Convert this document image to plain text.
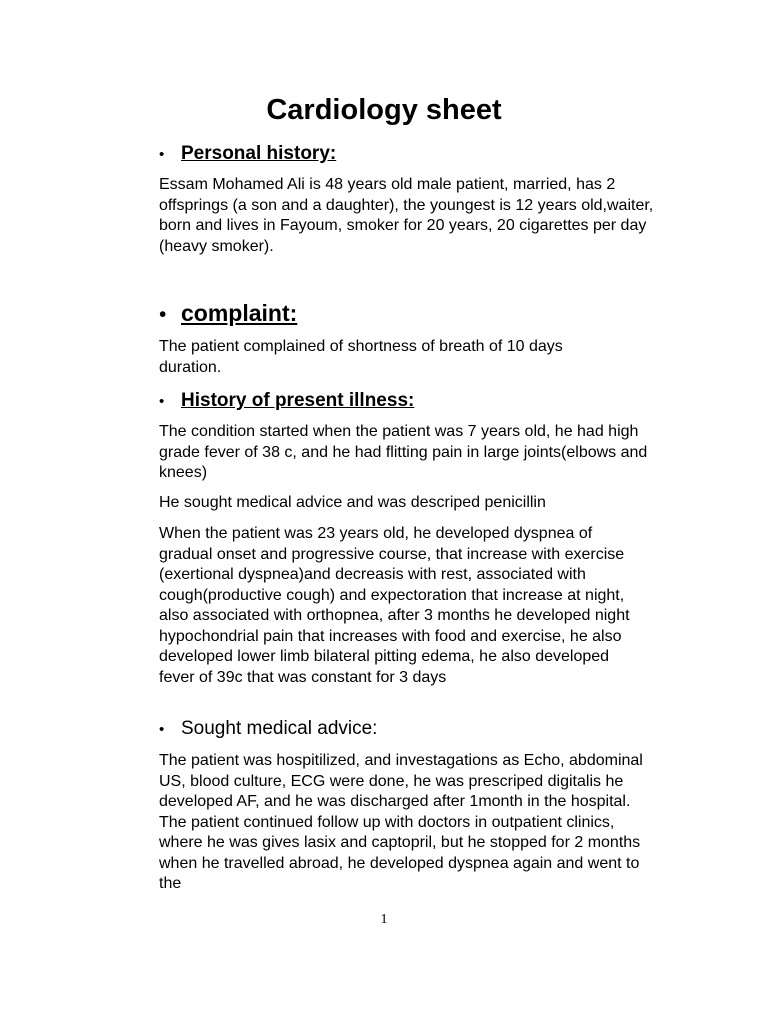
Cardiology sheet
• Personal history:

Essam Mohamed Ali is 48 years old male patient, married, has 2 offsprings (a son and a daughter), the youngest is 12 years old,waiter, born and lives in Fayoum, smoker for 20 years, 20 cigarettes per day (heavy smoker).

• complaint:

The patient complained of shortness of breath of 10 days duration.

• History of present illness:

The condition started when the patient was 7 years old, he had high grade fever of 38 c, and he had flitting pain in large joints(elbows and knees)

He sought medical advice and was descriped penicillin

When the patient was 23 years old, he developed dyspnea of gradual onset and progressive course, that increase with exercise (exertional dyspnea)and decreasis with rest, associated with cough(productive cough) and expectoration that increase at night, also associated with orthopnea, after 3 months he developed night hypochondrial pain that increases with food and exercise, he also developed lower limb bilateral pitting edema, he also developed fever of 39c that was constant for 3 days

• Sought medical advice:

The patient was hospitilized, and investagations as Echo, abdominal US, blood culture, ECG were done, he was prescriped digitalis he developed AF, and he was discharged after 1month in the hospital. The patient continued follow up with doctors in outpatient clinics, where he was gives lasix and captopril, but he stopped for 2 months when he travelled abroad, he developed dyspnea again and went to the

1
